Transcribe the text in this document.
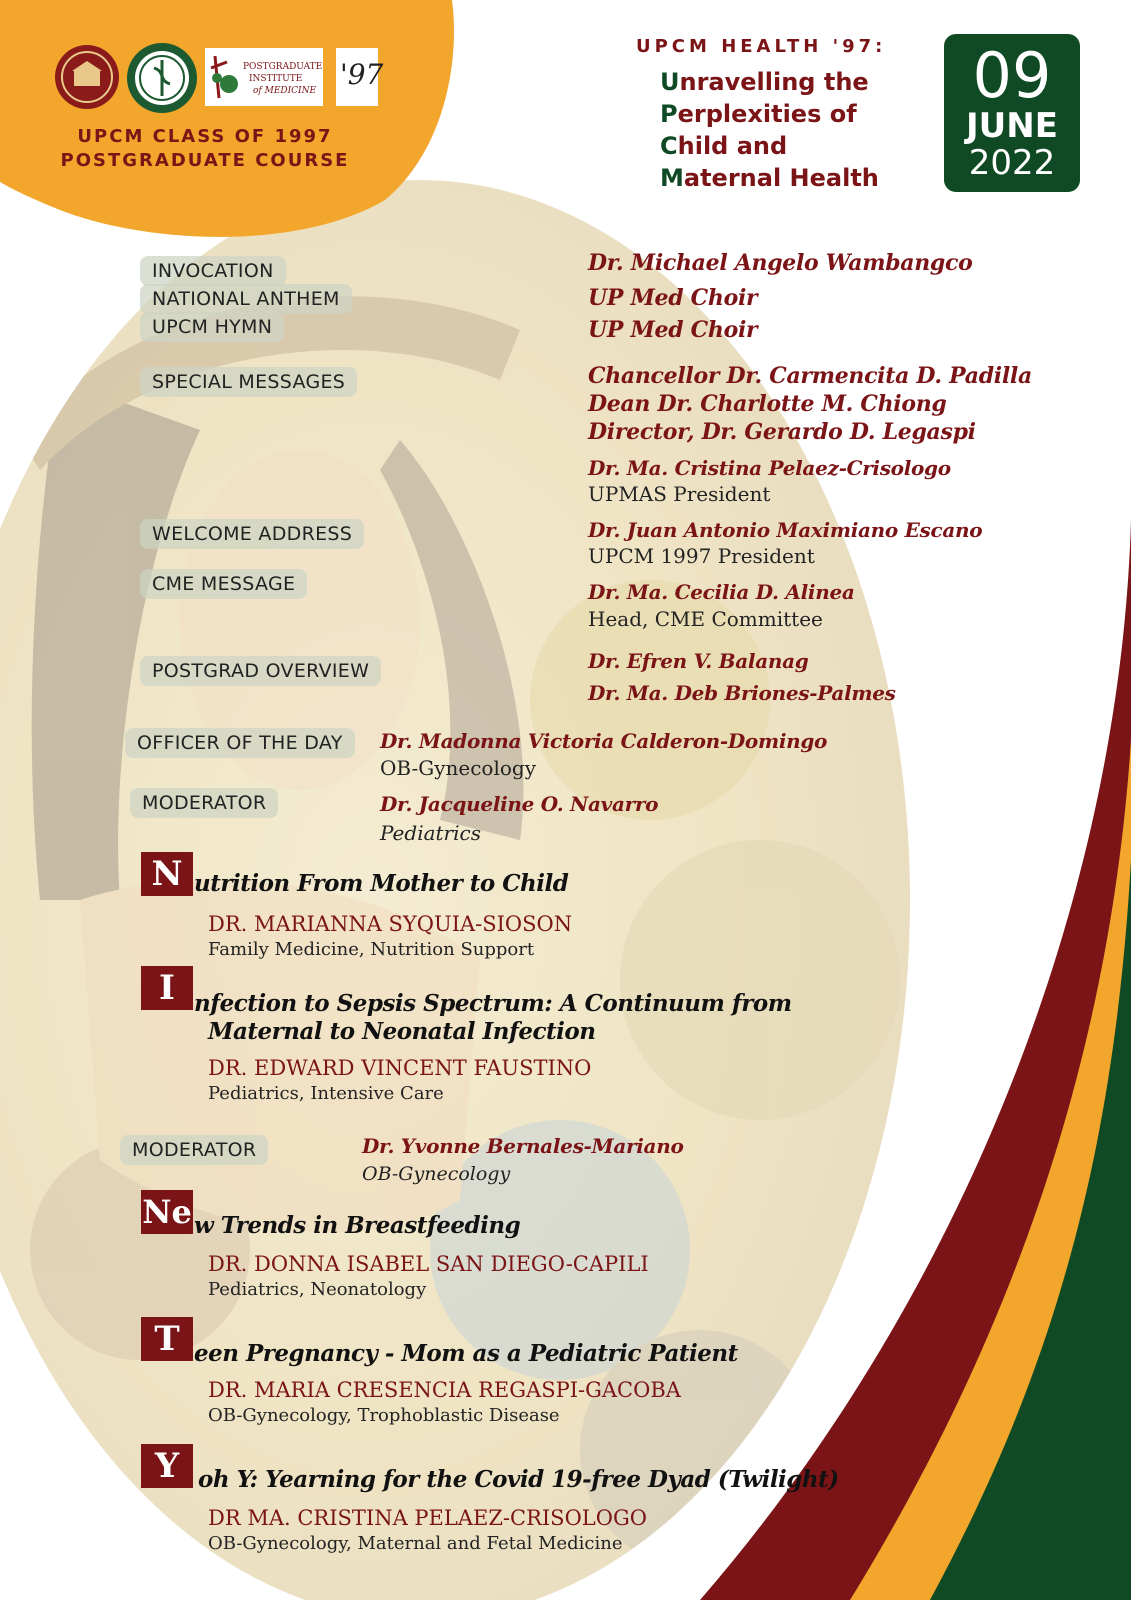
POSTGRADUATE
INSTITUTE
of MEDICINE '97
UPCM CLASS OF 1997
POSTGRADUATE COURSE
UPCM HEALTH '97:
Unravelling the
Perplexities of
Child and
Maternal Health
09
JUNE
2022
INVOCATION	Dr. Michael Angelo Wambangco
NATIONAL ANTHEM	UP Med Choir
UPCM HYMN	UP Med Choir
SPECIAL MESSAGES	Chancellor Dr. Carmencita D. Padilla
Dean Dr. Charlotte M. Chiong
Director, Dr. Gerardo D. Legaspi
Dr. Ma. Cristina Pelaez-Crisologo
UPMAS President
WELCOME ADDRESS	Dr. Juan Antonio Maximiano Escano
UPCM 1997 President
CME MESSAGE	Dr. Ma. Cecilia D. Alinea
Head, CME Committee
POSTGRAD OVERVIEW	Dr. Efren V. Balanag
Dr. Ma. Deb Briones-Palmes
OFFICER OF THE DAY	Dr. Madonna Victoria Calderon-Domingo
OB-Gynecology
MODERATOR	Dr. Jacqueline O. Navarro
Pediatrics
N utrition From Mother to Child
DR. MARIANNA SYQUIA-SIOSON
Family Medicine, Nutrition Support
I nfection to Sepsis Spectrum: A Continuum from
Maternal to Neonatal Infection
DR. EDWARD VINCENT FAUSTINO
Pediatrics, Intensive Care
MODERATOR	Dr. Yvonne Bernales-Mariano
OB-Gynecology
Ne w Trends in Breastfeeding
DR. DONNA ISABEL SAN DIEGO-CAPILI
Pediatrics, Neonatology
T een Pregnancy - Mom as a Pediatric Patient
DR. MARIA CRESENCIA REGASPI-GACOBA
OB-Gynecology, Trophoblastic Disease
Y oh Y: Yearning for the Covid 19-free Dyad (Twilight)
DR MA. CRISTINA PELAEZ-CRISOLOGO
OB-Gynecology, Maternal and Fetal Medicine
